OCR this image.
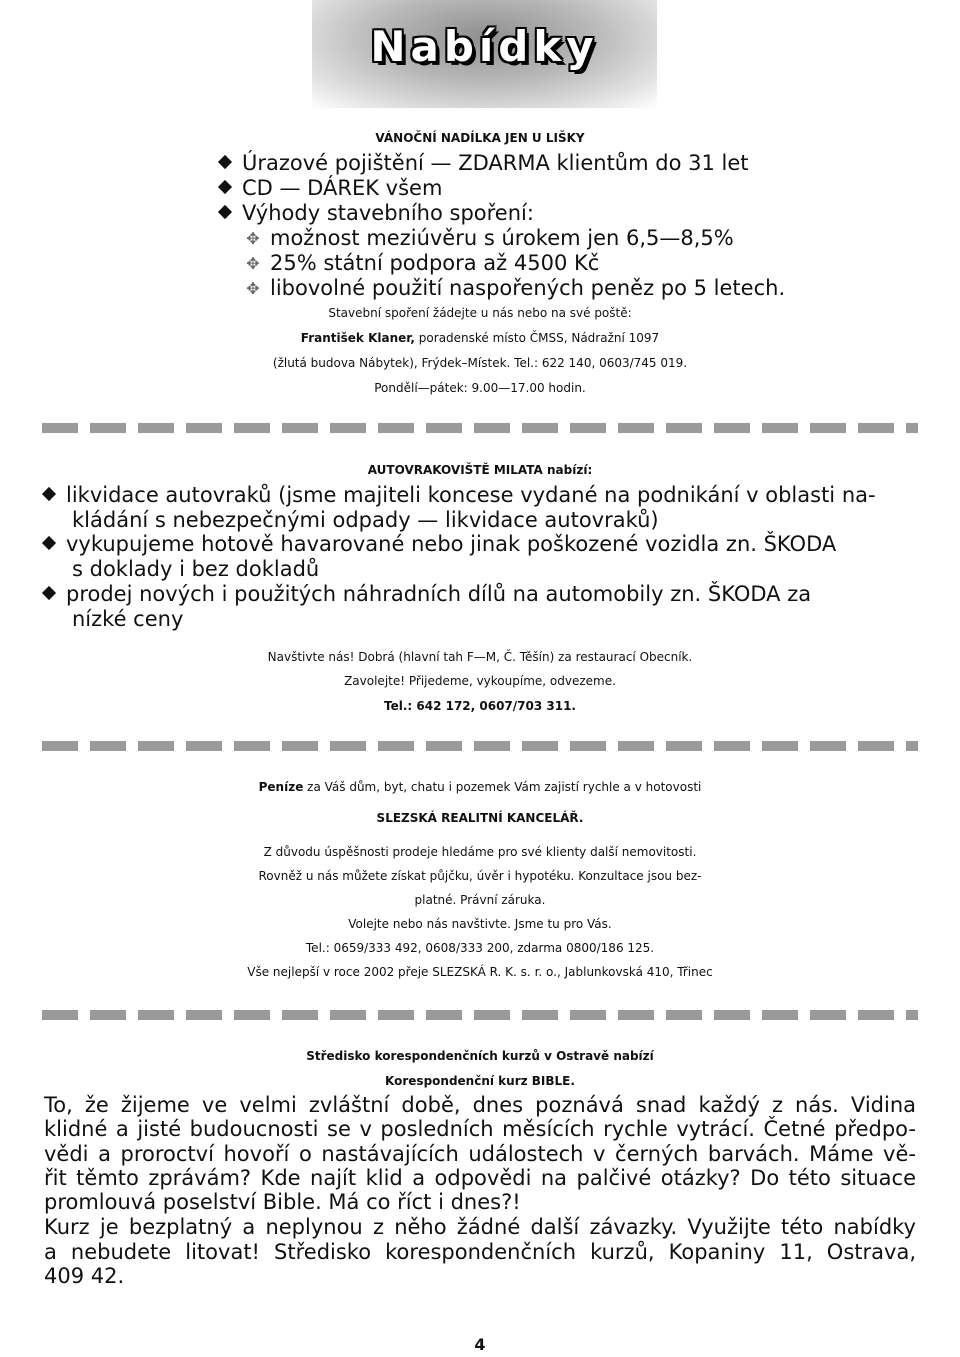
Nabídky
VÁNOČNÍ NADÍLKA JEN U LIŠKY
Úrazové pojištění — ZDARMA klientům do 31 let
CD — DÁREK všem
Výhody stavebního spoření:
✥ možnost meziúvěru s úrokem jen 6,5—8,5%
✥ 25% státní podpora až 4500 Kč
✥ libovolné použití naspořených peněz po 5 letech.
Stavební spoření žádejte u nás nebo na své poště:
František Klaner, poradenské místo ČMSS, Nádražní 1097
(žlutá budova Nábytek), Frýdek–Místek. Tel.: 622 140, 0603/745 019.
Pondělí—pátek: 9.00—17.00 hodin.
AUTOVRAKOVIŠTĚ MILATA nabízí:
likvidace autovraků (jsme majiteli koncese vydané na podnikání v oblasti na-
kládání s nebezpečnými odpady — likvidace autovraků)
vykupujeme hotově havarované nebo jinak poškozené vozidla zn. ŠKODA
s doklady i bez dokladů
prodej nových i použitých náhradních dílů na automobily zn. ŠKODA za
nízké ceny
Navštivte nás! Dobrá (hlavní tah F—M, Č. Těšín) za restaurací Obecník.
Zavolejte! Přijedeme, vykoupíme, odvezeme.
Tel.: 642 172, 0607/703 311.
Peníze za Váš dům, byt, chatu i pozemek Vám zajistí rychle a v hotovosti
SLEZSKÁ REALITNÍ KANCELÁŘ.
Z důvodu úspěšnosti prodeje hledáme pro své klienty další nemovitosti.
Rovněž u nás můžete získat půjčku, úvěr i hypotéku. Konzultace jsou bez-
platné. Právní záruka.
Volejte nebo nás navštivte. Jsme tu pro Vás.
Tel.: 0659/333 492, 0608/333 200, zdarma 0800/186 125.
Vše nejlepší v roce 2002 přeje SLEZSKÁ R. K. s. r. o., Jablunkovská 410, Třinec
Středisko korespondenčních kurzů v Ostravě nabízí
Korespondenční kurz BIBLE.
To, že žijeme ve velmi zvláštní době, dnes poznává snad každý z nás. Vidina
klidné a jisté budoucnosti se v posledních měsících rychle vytrácí. Četné předpo-
vědi a proroctví hovoří o nastávajících událostech v černých barvách. Máme vě-
řit těmto zprávám? Kde najít klid a odpovědi na palčivé otázky? Do této situace
promlouvá poselství Bible. Má co říct i dnes?!
Kurz je bezplatný a neplynou z něho žádné další závazky. Využijte této nabídky
a nebudete litovat! Středisko korespondenčních kurzů, Kopaniny 11, Ostrava,
409 42.
4
